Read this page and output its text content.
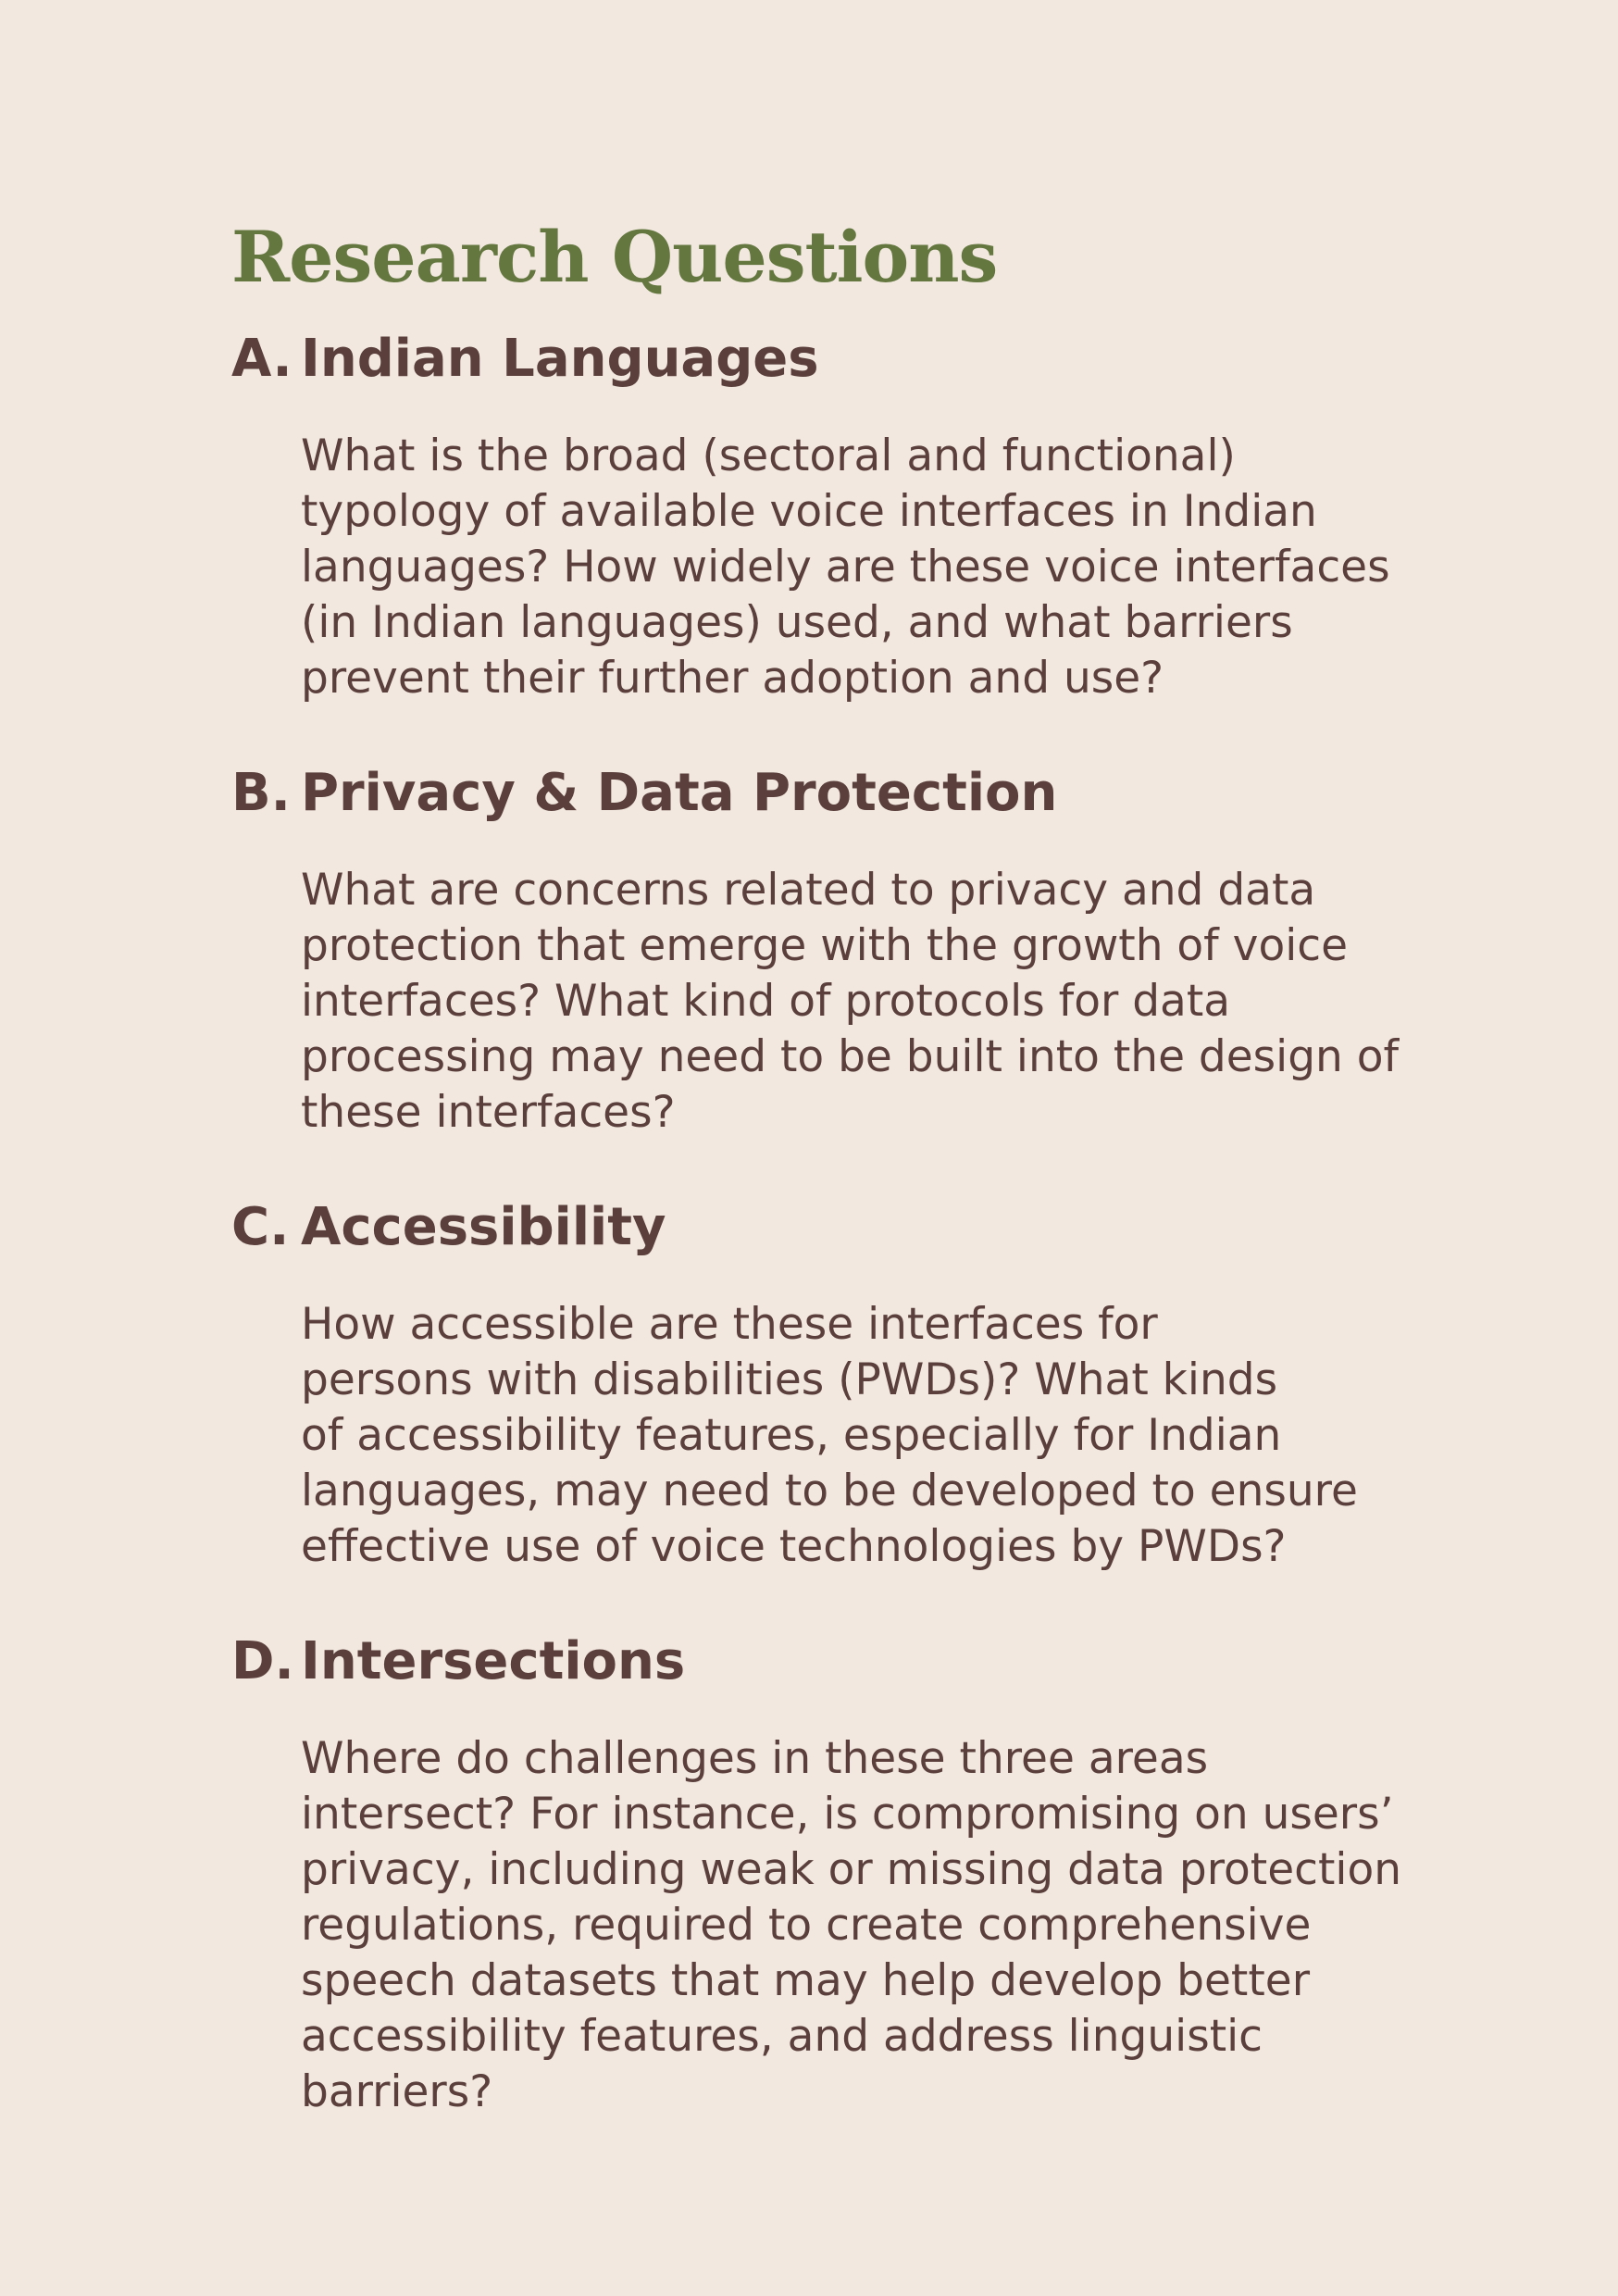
Research Questions
A. Indian Languages

What is the broad (sectoral and functional)
typology of available voice interfaces in Indian
languages? How widely are these voice interfaces
(in Indian languages) used, and what barriers
prevent their further adoption and use?

B. Privacy & Data Protection

What are concerns related to privacy and data
protection that emerge with the growth of voice
interfaces? What kind of protocols for data
processing may need to be built into the design of
these interfaces?

C. Accessibility

How accessible are these interfaces for
persons with disabilities (PWDs)? What kinds
of accessibility features, especially for Indian
languages, may need to be developed to ensure
effective use of voice technologies by PWDs?

D. Intersections

Where do challenges in these three areas
intersect? For instance, is compromising on users’
privacy, including weak or missing data protection
regulations, required to create comprehensive
speech datasets that may help develop better
accessibility features, and address linguistic
barriers?
